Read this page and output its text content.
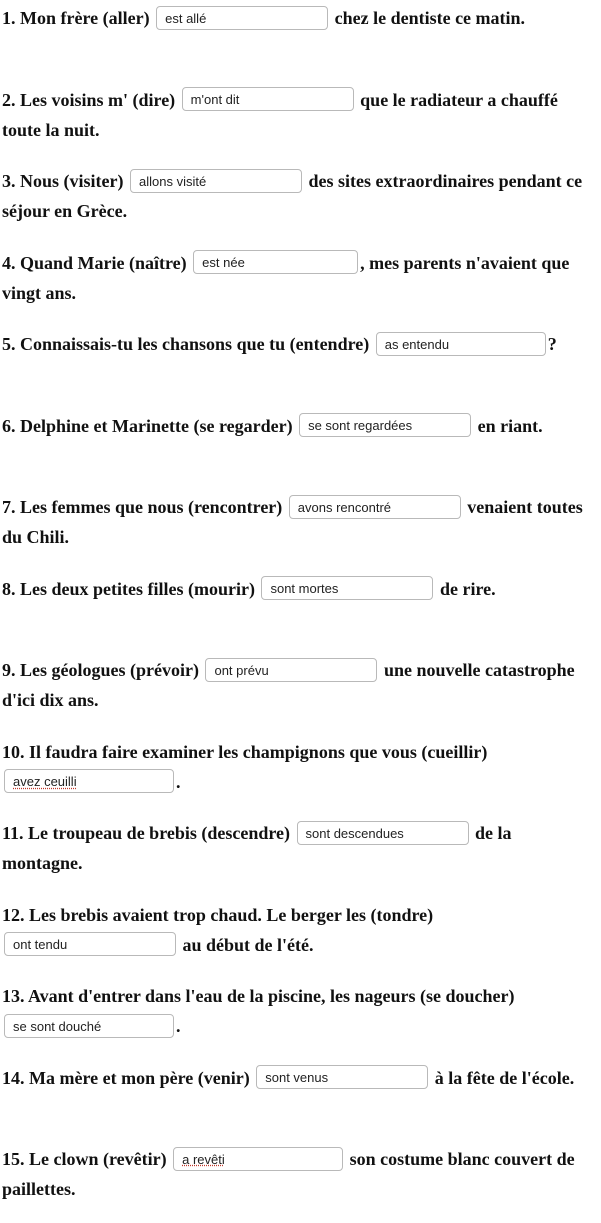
1. Mon frère (aller) est allé	chez le dentiste ce matin.
2. Les voisins m' (dire) m'ont dit	que le radiateur a chauffé toute la nuit.
3. Nous (visiter) allons visité	des sites extraordinaires pendant ce séjour en Grèce.
4. Quand Marie (naître) est née	, mes parents n'avaient que vingt ans.
5. Connaissais-tu les chansons que tu (entendre) as entendu	?
6. Delphine et Marinette (se regarder) se sont regardées	en riant.
7. Les femmes que nous (rencontrer) avons rencontré	venaient toutes du Chili.
8. Les deux petites filles (mourir) sont mortes	de rire.
9. Les géologues (prévoir) ont prévu	une nouvelle catastrophe d'ici dix ans.
10. Il faudra faire examiner les champignons que vous (cueillir) avez ceuilli	.
11. Le troupeau de brebis (descendre) sont descendues	de la montagne.
12. Les brebis avaient trop chaud. Le berger les (tondre) ont tendu	au début de l'été.
13. Avant d'entrer dans l'eau de la piscine, les nageurs (se doucher) se sont douché	.
14. Ma mère et mon père (venir) sont venus	à la fête de l'école.
15. Le clown (revêtir) a revêti	son costume blanc couvert de paillettes.
